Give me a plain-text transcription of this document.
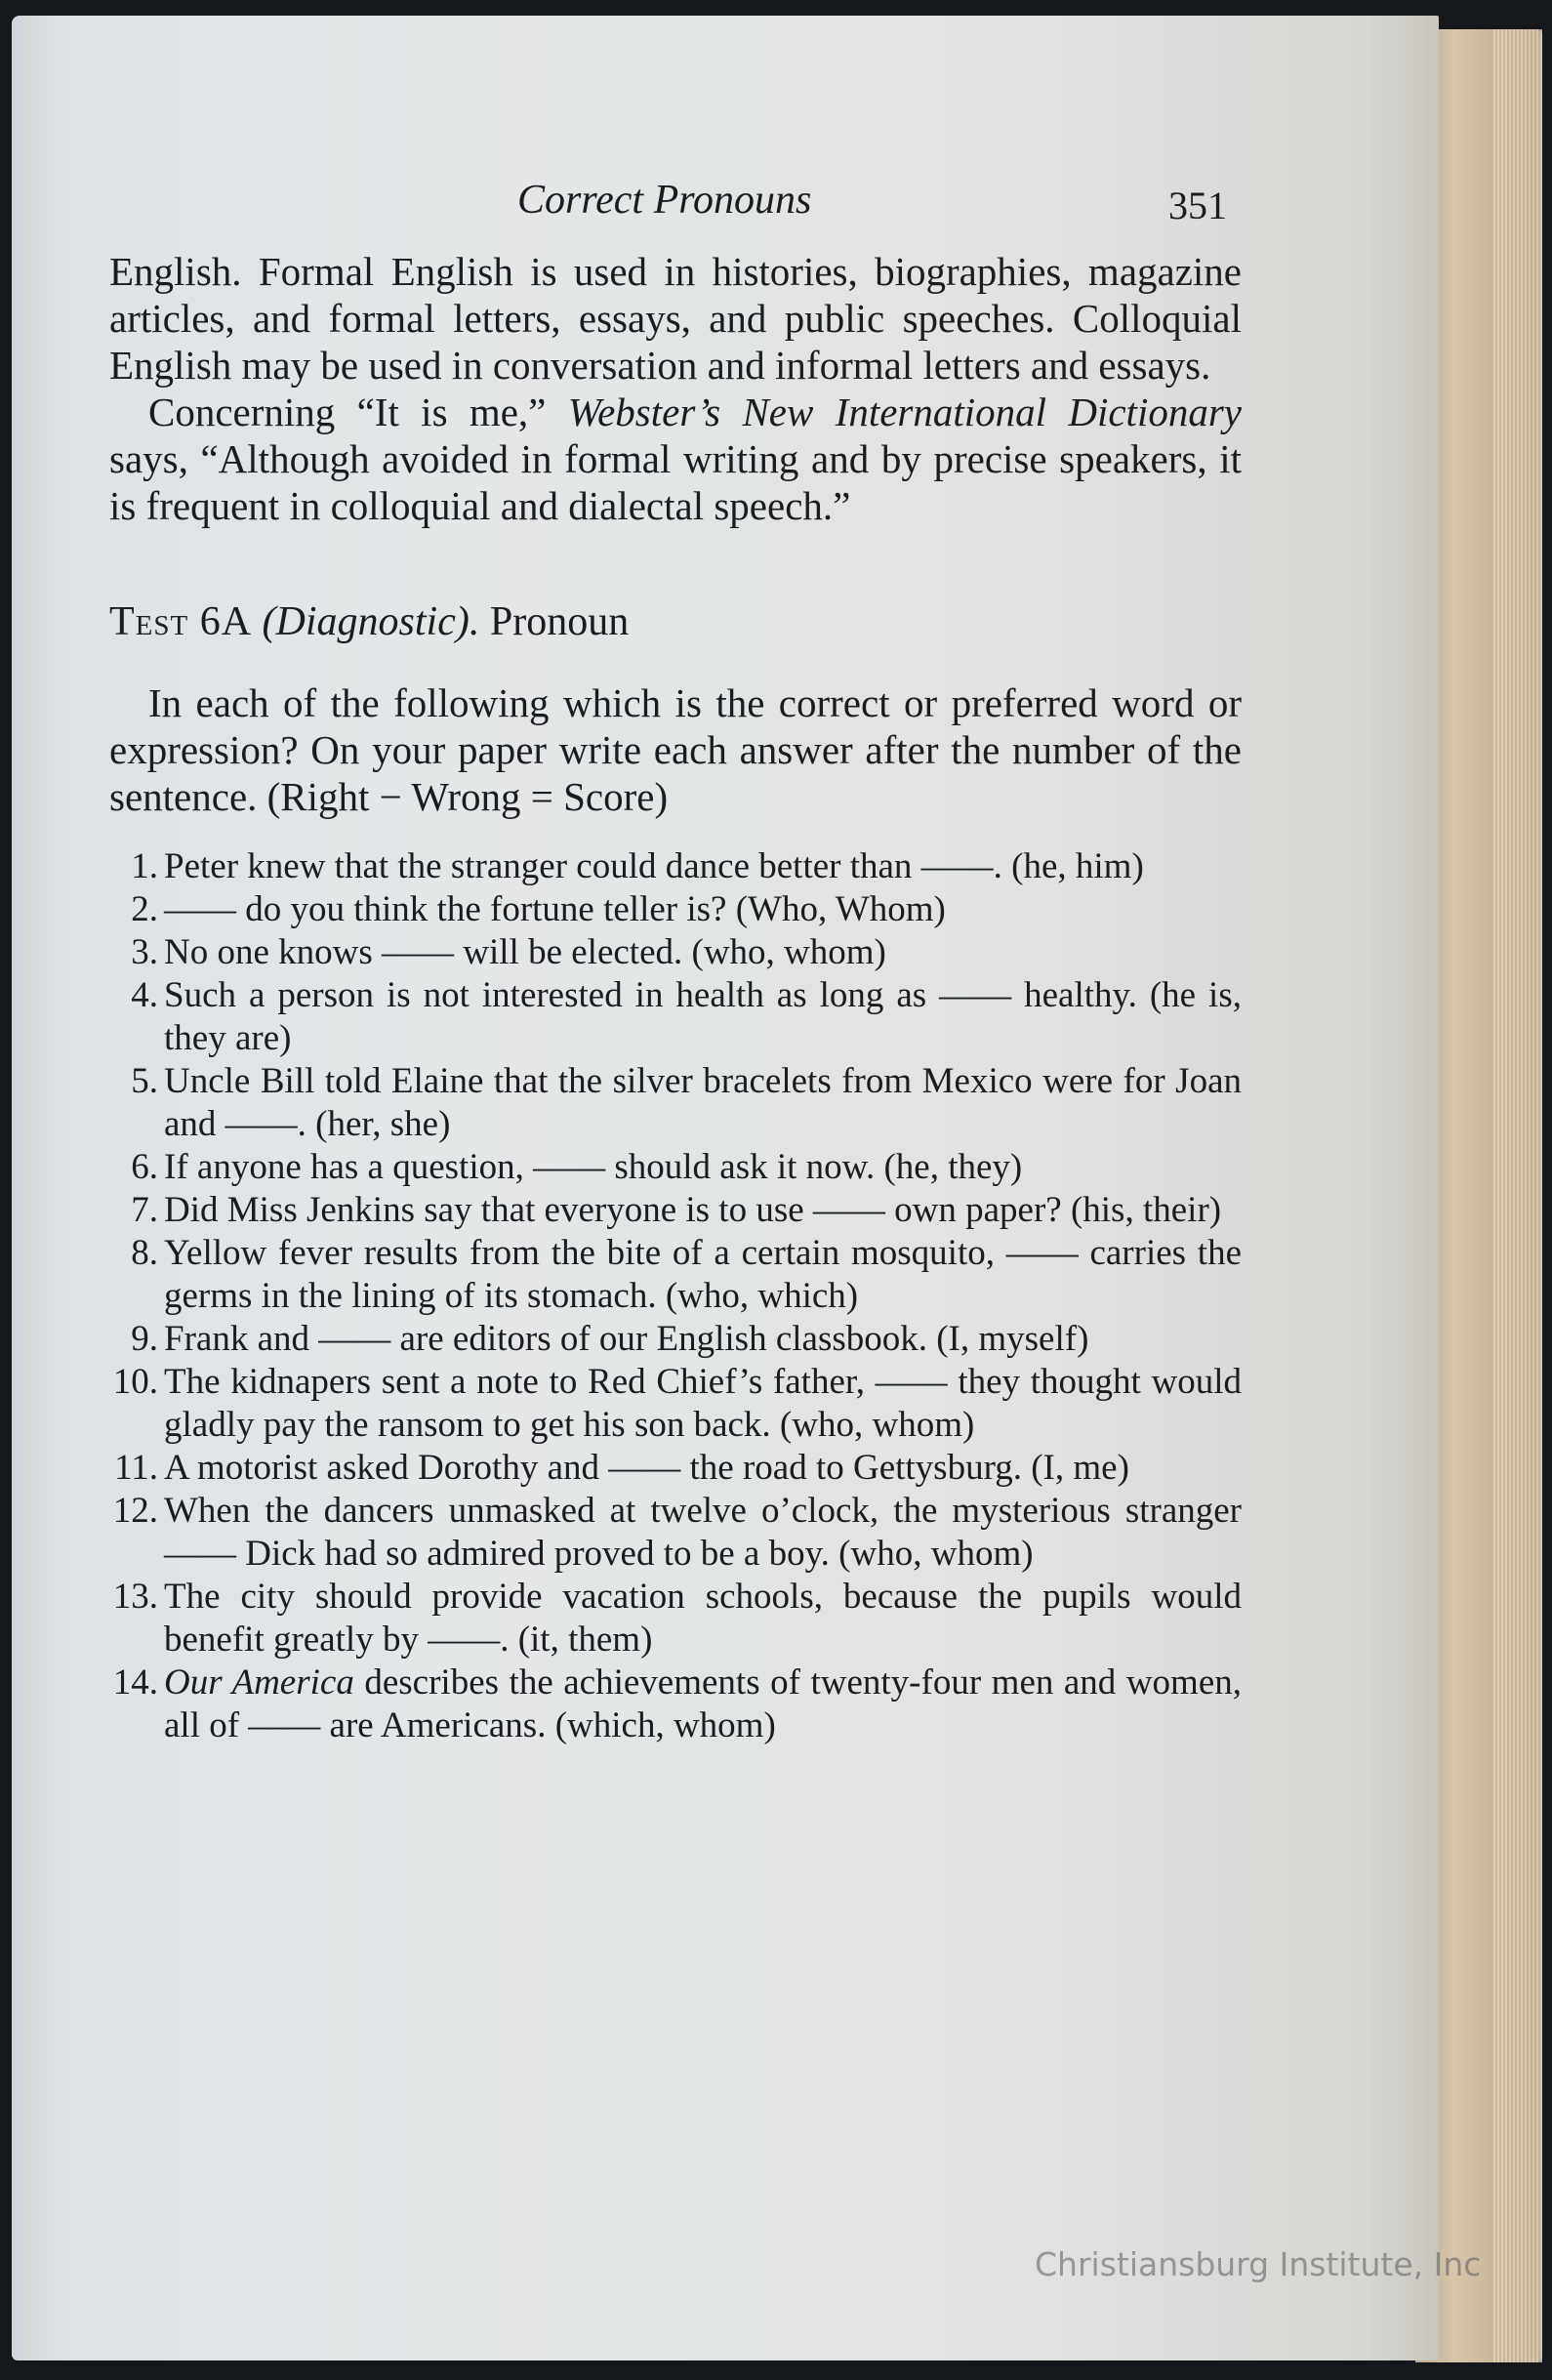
Correct Pronouns	351

English. Formal English is used in histories, biographies, magazine articles, and formal letters, essays, and public speeches. Colloquial English may be used in conversation and informal letters and essays.

Concerning “It is me,” Webster’s New International Dictionary says, “Although avoided in formal writing and by precise speakers, it is frequent in colloquial and dialectal speech.”

Test 6A (Diagnostic). Pronoun

In each of the following which is the correct or preferred word or expression? On your paper write each answer after the number of the sentence. (Right − Wrong = Score)

1. Peter knew that the stranger could dance better than ——. (he, him)
2. —— do you think the fortune teller is? (Who, Whom)
3. No one knows —— will be elected. (who, whom)
4. Such a person is not interested in health as long as —— healthy. (he is, they are)
5. Uncle Bill told Elaine that the silver bracelets from Mexico were for Joan and ——. (her, she)
6. If anyone has a question, —— should ask it now. (he, they)
7. Did Miss Jenkins say that everyone is to use —— own paper? (his, their)
8. Yellow fever results from the bite of a certain mosquito, —— carries the germs in the lining of its stomach. (who, which)
9. Frank and —— are editors of our English classbook. (I, myself)
10. The kidnapers sent a note to Red Chief’s father, —— they thought would gladly pay the ransom to get his son back. (who, whom)
11. A motorist asked Dorothy and —— the road to Gettysburg. (I, me)
12. When the dancers unmasked at twelve o’clock, the mysterious stranger —— Dick had so admired proved to be a boy. (who, whom)
13. The city should provide vacation schools, because the pupils would benefit greatly by ——. (it, them)
14. Our America describes the achievements of twenty-four men and women, all of —— are Americans. (which, whom)
Christiansburg Institute, Inc
